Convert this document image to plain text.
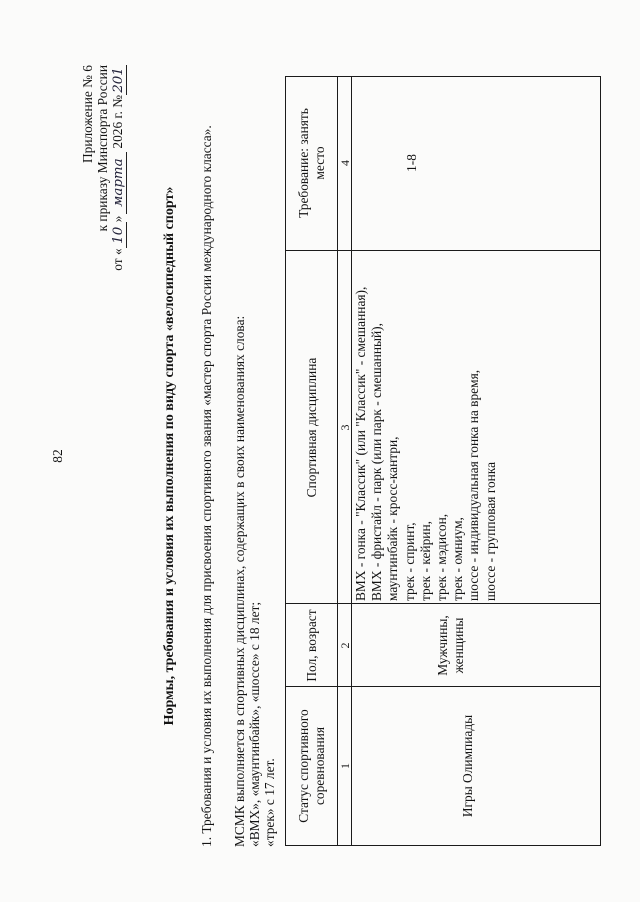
82
Приложение № 6 к приказу Минспорта России
от «10»марта2026 г. №201
Нормы, требования и условия их выполнения по виду спорта «велосипедный спорт» 1. Требования и условия их выполнения для присвоения спортивного звания «мастер спорта России международного класса». МСМК выполняется в спортивных дисциплинах, содержащих в своих наименованиях слова: «BMX», «маунтинбайк», «шоссе» с 18 лет; «трек» с 17 лет.	Статус спортивного соревнования
Пол, возраст
Спортивная дисциплина
Требование: занять место
1
2
3
4
Игры Олимпиады
Мужчины, женщины
BMX - гонка - "Классик" (или "Классик" - смешанная), BMX - фристайл - парк (или парк - смешанный), маунтинбайк - кросс-кантри, трек - спринт, трек - кейрин, трек - мэдисон, трек - омниум, шоссе - индивидуальная гонка на время, шоссе - групповая гонка
1-8
